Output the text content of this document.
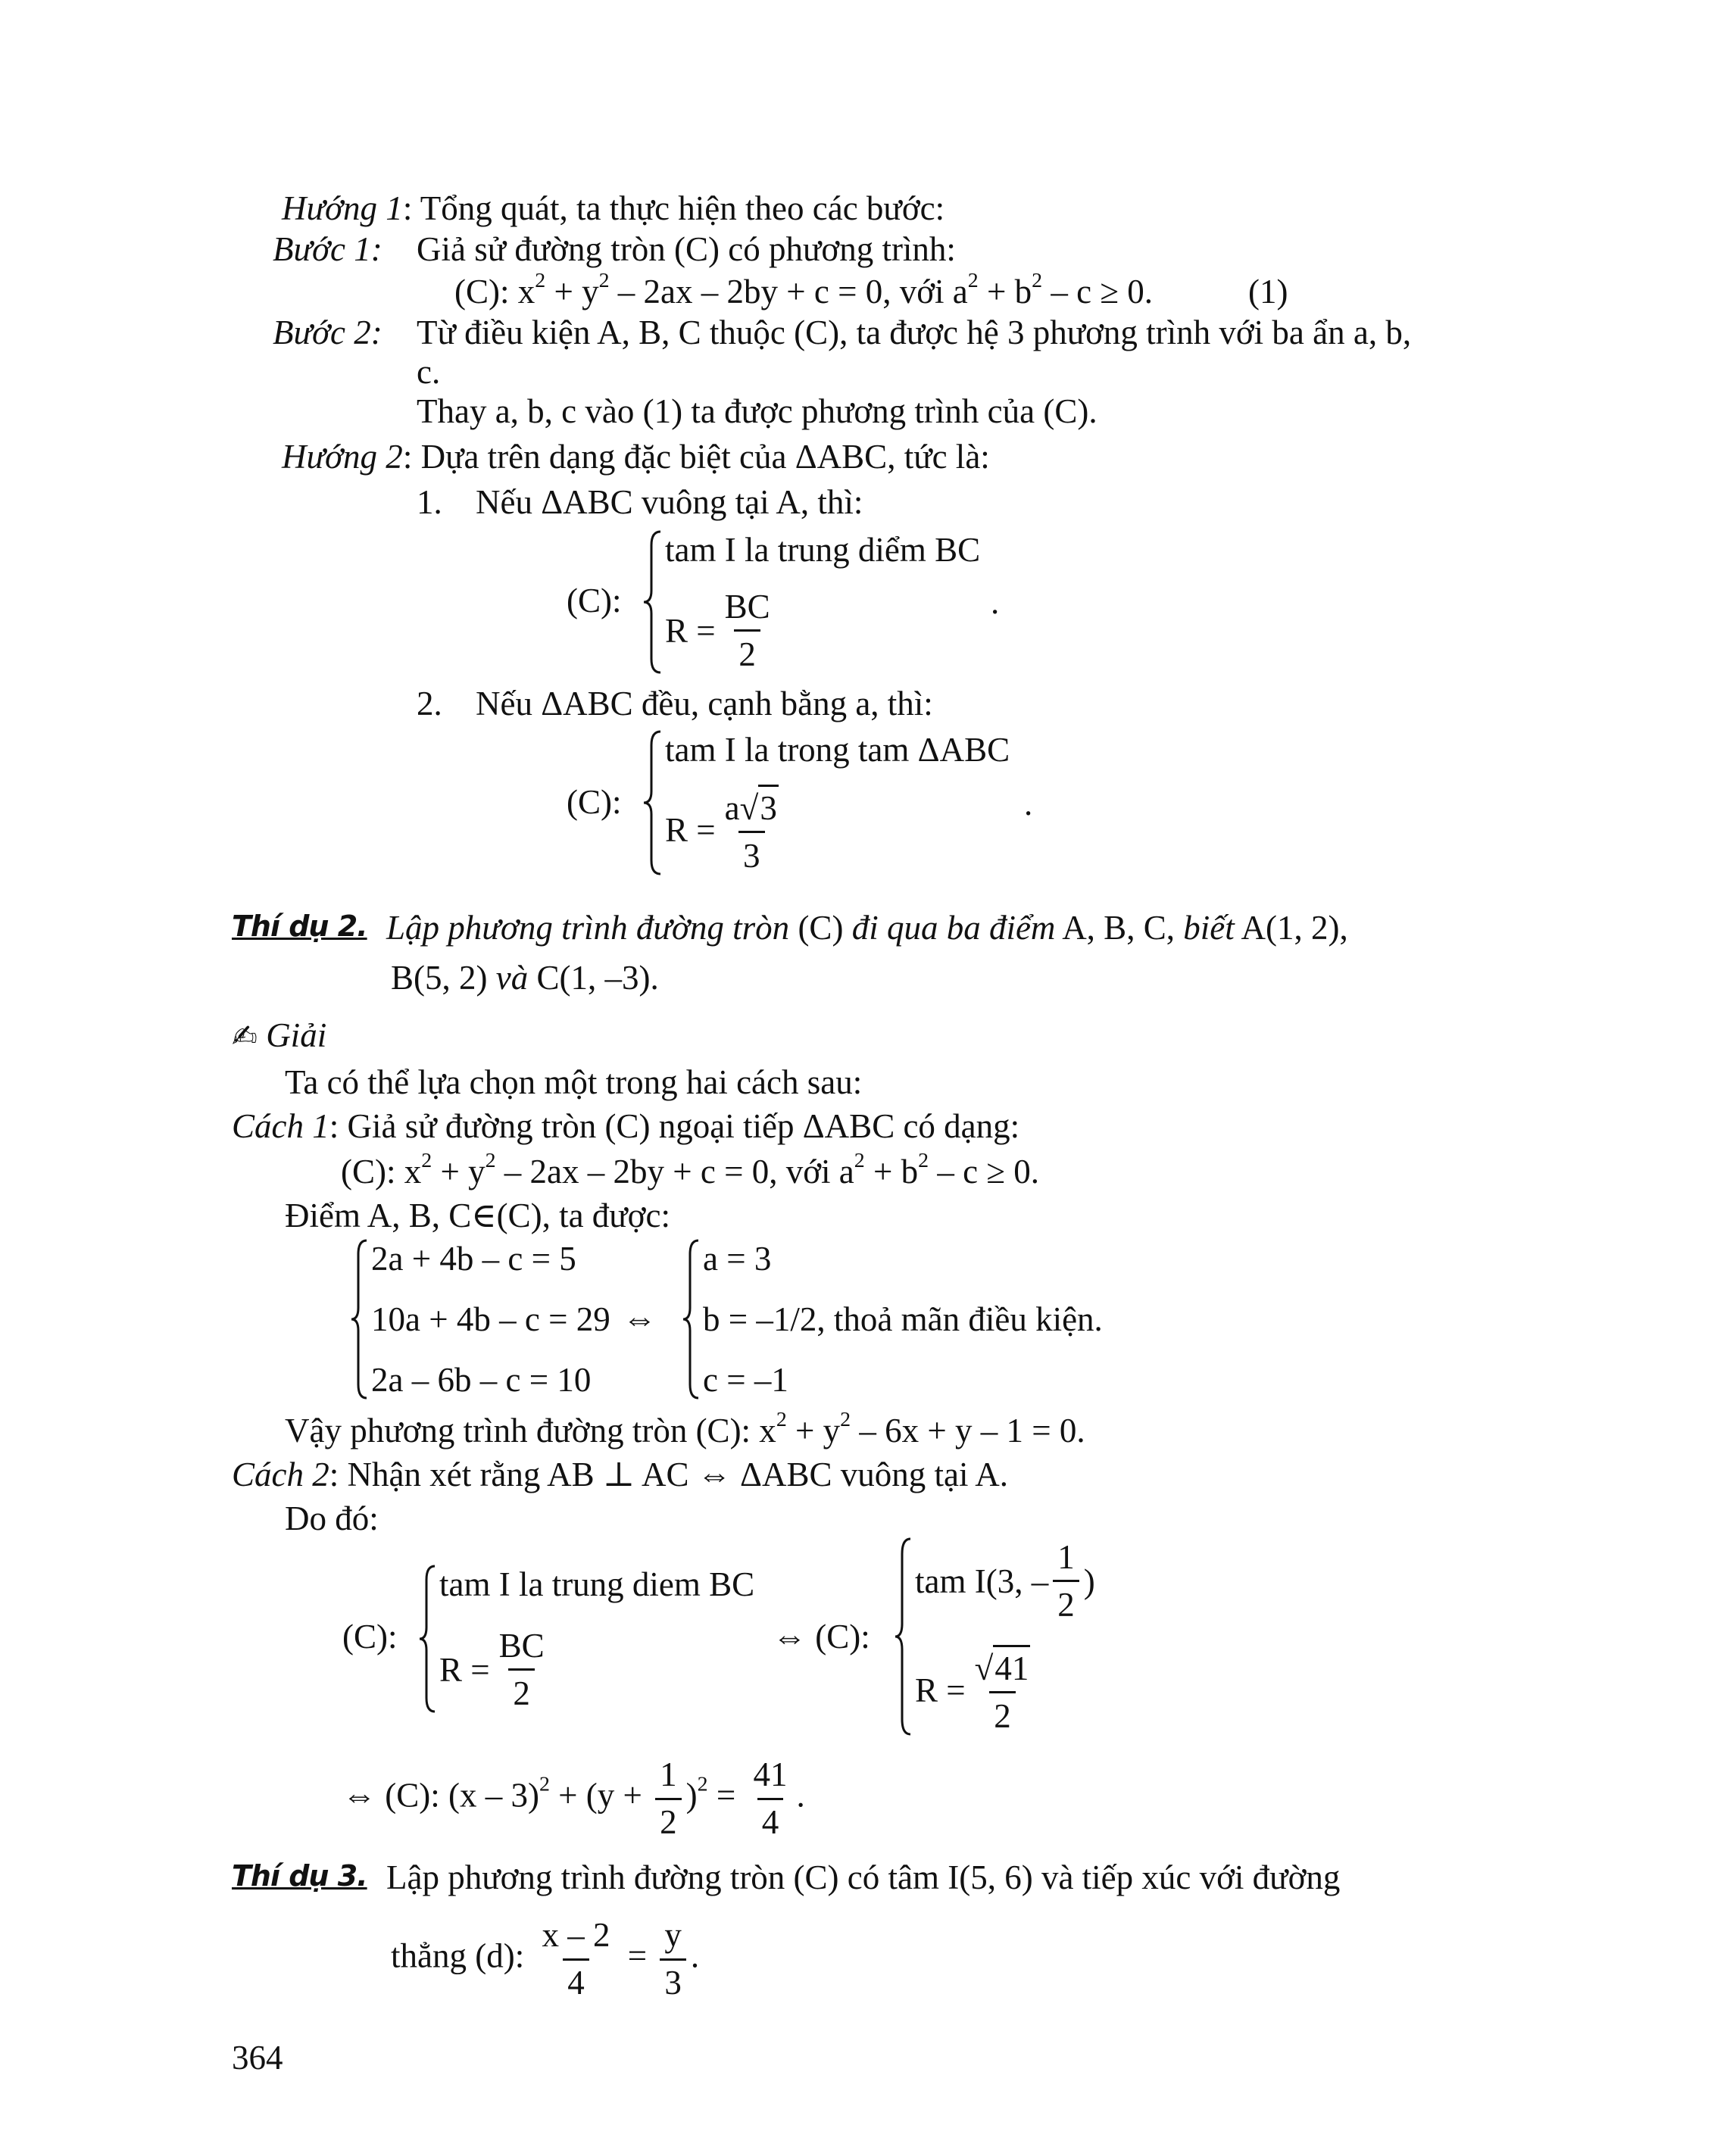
Hướng 1: Tổng quát, ta thực hiện theo các bước:
Bước 1: Giả sử đường tròn (C) có phương trình:
(C): $x^2 + y^2 - 2ax - 2by + c = 0$, với $a^2 + b^2 - c \ge 0$.	(1)
Bước 2: Từ điều kiện A, B, C thuộc (C), ta được hệ 3 phương trình với ba ẩn a, b,
c.
Thay a, b, c vào (1) ta được phương trình của (C).
Hướng 2: Dựa trên dạng đặc biệt của ΔABC, tức là:
1. Nếu ΔABC vuông tại A, thì:
(C):
tam I la trung diểm BC
$R = \frac{BC}{2}$	.
2. Nếu ΔABC đều, cạnh bằng a, thì:
(C):
tam I la trong tam ΔABC
$R = \frac{a √ 3}{3}$	.
Thí dụ 2. Lập phương trình đường tròn (C) đi qua ba điểm A, B, C, biết A(1, 2),
B(5, 2) và C(1, –3).
✍ Giải
Ta có thể lựa chọn một trong hai cách sau:
Cách 1: Giả sử đường tròn (C) ngoại tiếp ΔABC có dạng:
(C): $x^2 + y^2 - 2ax - 2by + c = 0$, với $a^2 + b^2 - c \ge 0$.
Điểm A, B, C∈(C), ta được:
2a + 4b – c = 5
10a + 4b – c = 29
2a – 6b – c = 10
⇔
a = 3
b = –1/2 , thoả mãn điều kiện.
c = –1
Vậy phương trình đường tròn (C): $x^2 + y^2 - 6x + y - 1 = 0$.
Cách 2: Nhận xét rằng AB ⊥ AC ⇔ ΔABC vuông tại A.
Do đó:
(C):
tam I la trung diem BC
$R = \frac{BC}{2}$	⇔ (C):
tam I(3, – $\frac{1}{2}$ )
$R = \frac{√ 41}{2}$
⇔ (C): $(x - 3)^2 + (y + \frac{1}{2} )^2 = \frac{41}{4}$ .
Thí dụ 3. Lập phương trình đường tròn (C) có tâm I(5, 6) và tiếp xúc với đường
thẳng (d): $\frac{x - 2}{4} = \frac{y}{3}$ .
364
